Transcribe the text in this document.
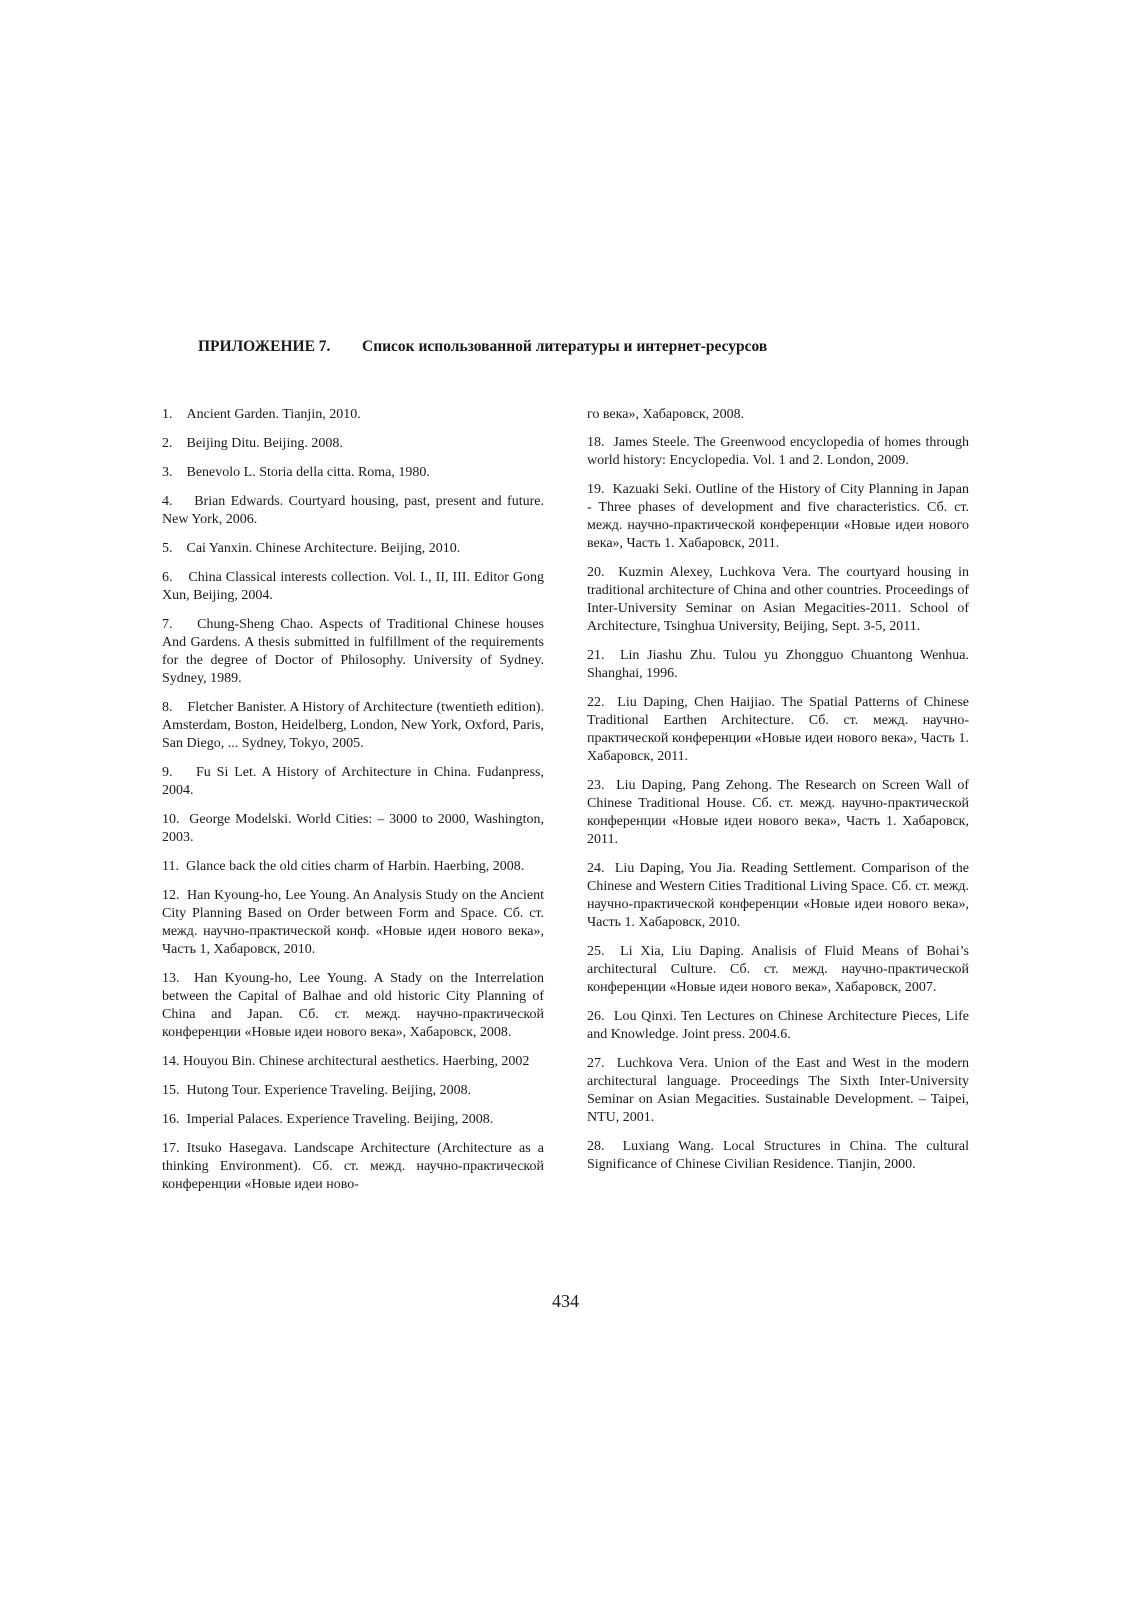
ПРИЛОЖЕНИЕ 7. Список использованной литературы и интернет-ресурсов

1.    Ancient Garden. Tianjin, 2010.

2.    Beijing Ditu. Beijing. 2008.

3.    Benevolo L. Storia della citta. Roma, 1980.

4.    Brian Edwards. Courtyard housing, past, present and future. New York, 2006.

5.    Cai Yanxin. Chinese Architecture. Beijing, 2010.

6.    China Classical interests collection. Vol. I., II, III. Editor Gong Xun, Beijing, 2004.

7.    Chung-Sheng Chao. Aspects of Traditional Chinese houses And Gardens. A thesis submitted in fulfillment of the requirements for the degree of Doctor of Philosophy. University of Sydney. Sydney, 1989.

8.    Fletcher Banister. A History of Architecture (twentieth edition). Amsterdam, Boston, Heidelberg, London, New York, Oxford, Paris, San Diego, ... Sydney, Tokyo, 2005.

9.    Fu Si Let. A History of Architecture in China. Fudanpress, 2004.

10.  George Modelski. World Cities: – 3000 to 2000, Washington, 2003.

11.  Glance back the old cities charm of Harbin. Haerbing, 2008.

12.  Han Kyoung-ho, Lee Young. An Analysis Study on the Ancient City Planning Based on Order between Form and Space. Сб. ст. межд. научно-практической конф. «Новые идеи нового века», Часть 1, Хабаровск, 2010.

13.  Han Kyoung-ho, Lee Young. A Stady on the Interrelation between the Capital of Balhae and old historic City Planning of China and Japan. Сб. ст. межд. научно-практической конференции «Новые идеи нового века», Хабаровск, 2008.

14. Houyou Bin. Chinese architectural aesthetics. Haerbing, 2002

15.  Hutong Tour. Experience Traveling. Beijing, 2008.

16.  Imperial Palaces. Experience Traveling. Beijing, 2008.

17. Itsuko Hasegava. Landscape Architecture (Architecture as a thinking Environment). Сб. ст. межд. научно-практической конференции «Новые идеи ново-

го века», Хабаровск, 2008.

18.  James Steele. The Greenwood encyclopedia of homes through world history: Encyclopedia. Vol. 1 and 2. London, 2009.

19.  Kazuaki Seki. Outline of the History of City Planning in Japan - Three phases of development and five characteristics. Сб. ст. межд. научно-практической конференции «Новые идеи нового века», Часть 1. Хабаровск, 2011.

20.  Kuzmin Alexey, Luchkova Vera. The courtyard housing in traditional architecture of China and other countries. Proceedings of Inter-University Seminar on Asian Megacities-2011. School of Architecture, Tsinghua University, Beijing, Sept. 3-5, 2011.

21.  Lin Jiashu Zhu. Tulou yu Zhongguo Chuantong Wenhua. Shanghai, 1996.

22.  Liu Daping, Chen Haijiao. The Spatial Patterns of Chinese Traditional Earthen Architecture. Сб. ст. межд. научно-практической конференции «Новые идеи нового века», Часть 1. Хабаровск, 2011.

23.  Liu Daping, Pang Zehong. The Research on Screen Wall of Chinese Traditional House. Сб. ст. межд. научно-практической конференции «Новые идеи нового века», Часть 1. Хабаровск, 2011.

24.  Liu Daping, You Jia. Reading Settlement. Comparison of the Chinese and Western Cities Traditional Living Space. Сб. ст. межд. научно-практической конференции «Новые идеи нового века», Часть 1. Хабаровск, 2010.

25.  Li Xia, Liu Daping. Analisis of Fluid Means of Bohai’s architectural Culture. Сб. ст. межд. научно-практической конференции «Новые идеи нового века», Хабаровск, 2007.

26.  Lou Qinxi. Ten Lectures on Chinese Architecture Pieces, Life and Knowledge. Joint press. 2004.6.

27.  Luchkova Vera. Union of the East and West in the modern architectural language. Proceedings The Sixth Inter-University Seminar on Asian Megacities. Sustainable Development. – Taipei, NTU, 2001.

28.  Luxiang Wang. Local Structures in China. The cultural Significance of Chinese Civilian Residence. Tianjin, 2000.

434
